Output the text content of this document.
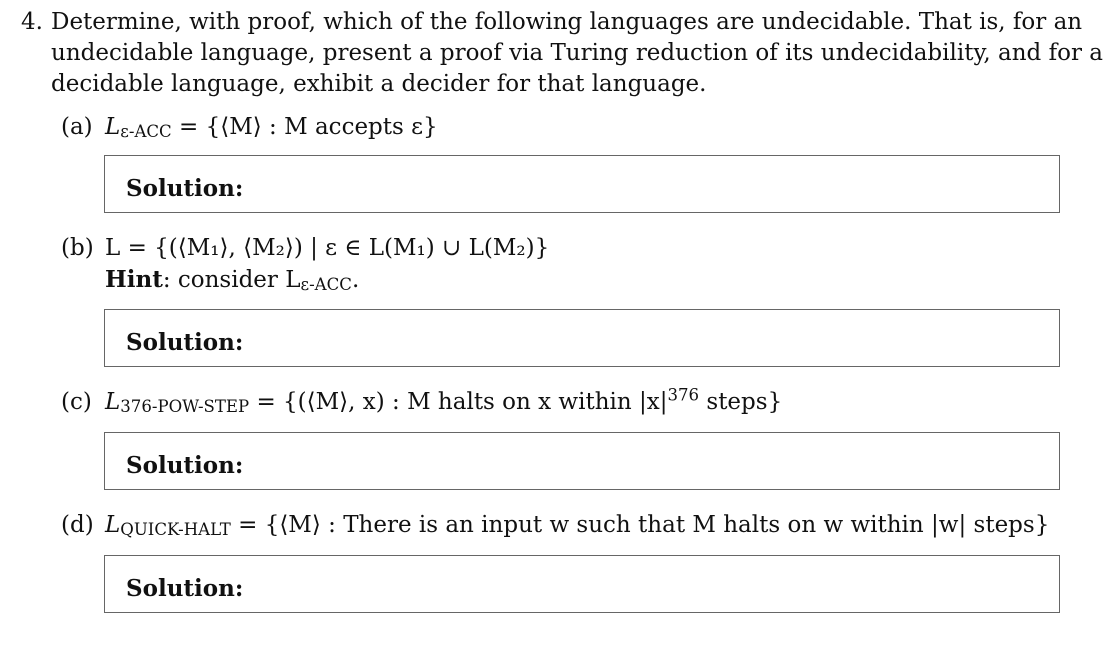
4. Determine, with proof, which of the following languages are undecidable. That is, for an
undecidable language, present a proof via Turing reduction of its undecidability, and for a
decidable language, exhibit a decider for that language.
(a) Lε-ACC = {⟨M⟩ : M accepts ε}
Solution:
(b) L = {(⟨M₁⟩, ⟨M₂⟩) | ε ∈ L(M₁) ∪ L(M₂)}
Hint: consider Lε-ACC.
Solution:
(c) L376-POW-STEP = {(⟨M⟩, x) : M halts on x within $|x|^{376}$ steps}
Solution:
(d) LQUICK-HALT = {⟨M⟩ : There is an input w such that M halts on w within |w| steps}
Solution:
